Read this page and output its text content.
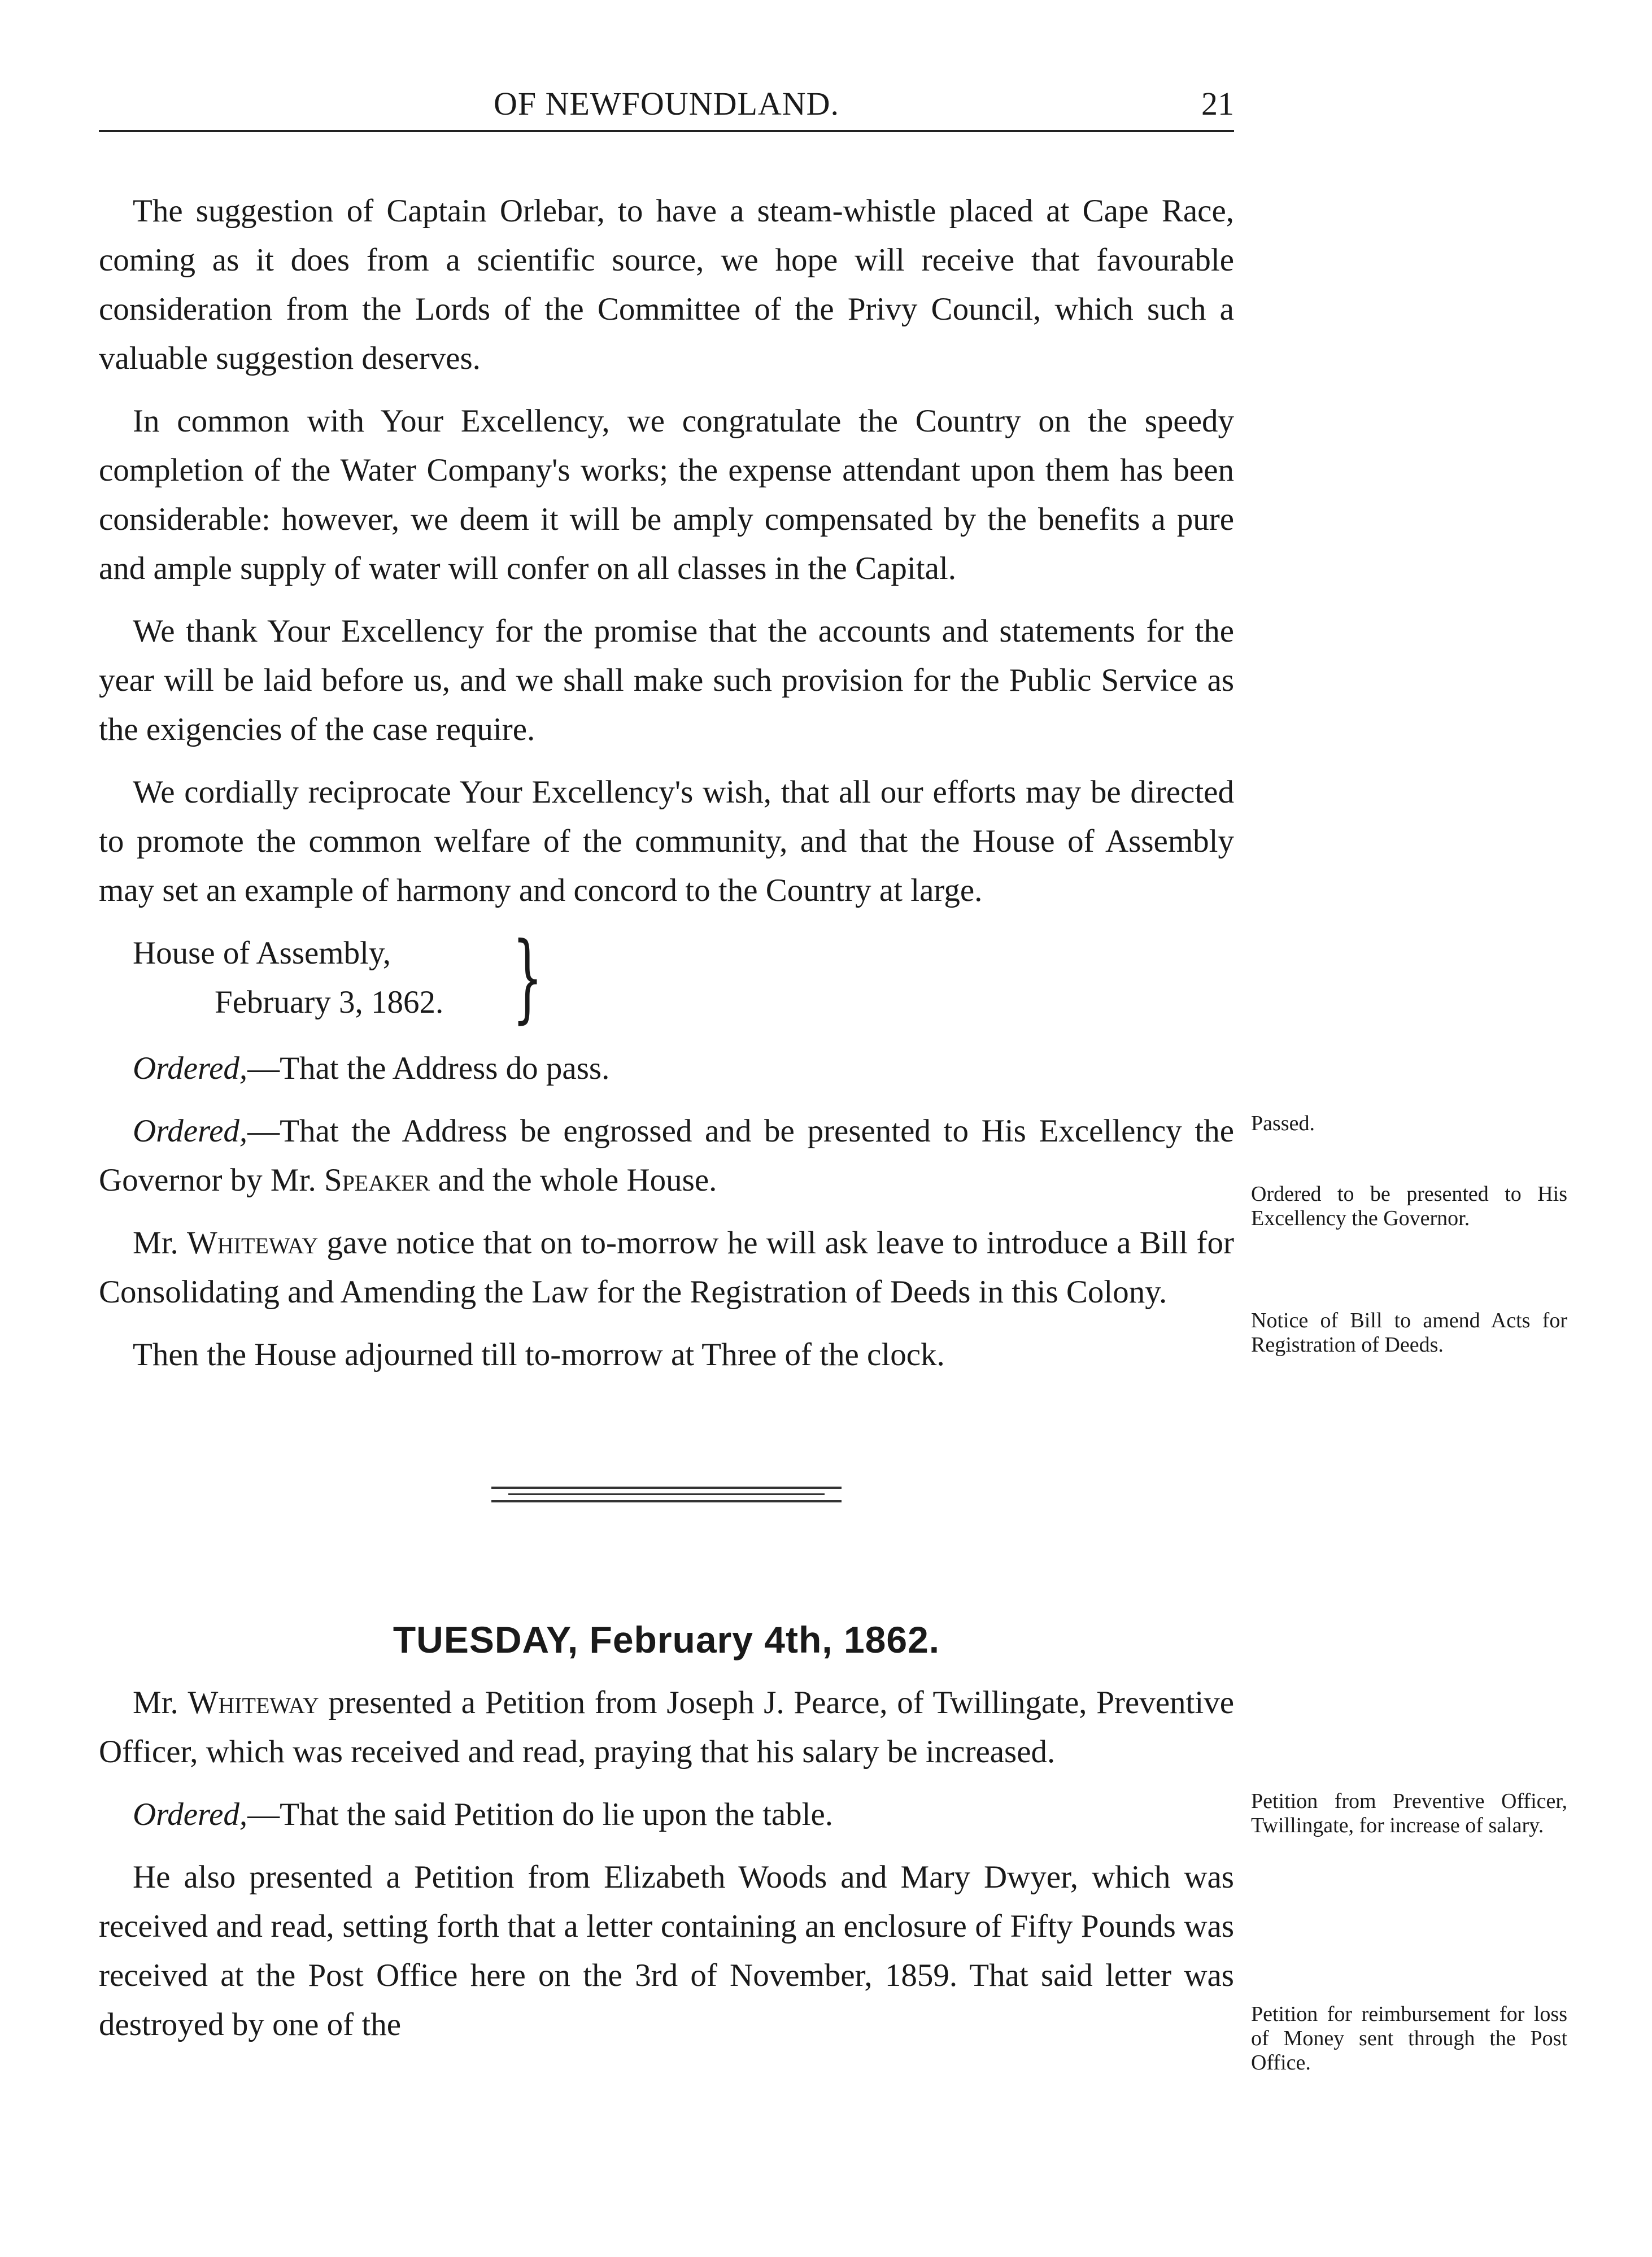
OF NEWFOUNDLAND.	21

The suggestion of Captain Orlebar, to have a steam-whistle placed at Cape Race, coming as it does from a scientific source, we hope will receive that favourable consideration from the Lords of the Committee of the Privy Council, which such a valuable suggestion deserves.

In common with Your Excellency, we congratulate the Country on the speedy completion of the Water Company's works; the expense attendant upon them has been considerable: however, we deem it will be amply compensated by the benefits a pure and ample supply of water will confer on all classes in the Capital.

We thank Your Excellency for the promise that the accounts and statements for the year will be laid before us, and we shall make such provision for the Public Service as the exigencies of the case require.

We cordially reciprocate Your Excellency's wish, that all our efforts may be directed to promote the common welfare of the community, and that the House of Assembly may set an example of harmony and concord to the Country at large.

House of Assembly,
February 3, 1862. }

Ordered,—That the Address do pass.

Ordered,—That the Address be engrossed and be presented to His Excellency the Governor by Mr. Speaker and the whole House.

Mr. Whiteway gave notice that on to-morrow he will ask leave to introduce a Bill for Consolidating and Amending the Law for the Registration of Deeds in this Colony.

Then the House adjourned till to-morrow at Three of the clock.

TUESDAY, February 4th, 1862.

Mr. Whiteway presented a Petition from Joseph J. Pearce, of Twillingate, Preventive Officer, which was received and read, praying that his salary be increased.

Ordered,—That the said Petition do lie upon the table.

He also presented a Petition from Elizabeth Woods and Mary Dwyer, which was received and read, setting forth that a letter containing an enclosure of Fifty Pounds was received at the Post Office here on the 3rd of November, 1859. That said letter was destroyed by one of the

Passed.
Ordered to be presented to His Excellency the Governor.
Notice of Bill to amend Acts for Registration of Deeds.
Petition from Preventive Officer, Twillingate, for increase of salary.
Petition for reimbursement for loss of Money sent through the Post Office.
